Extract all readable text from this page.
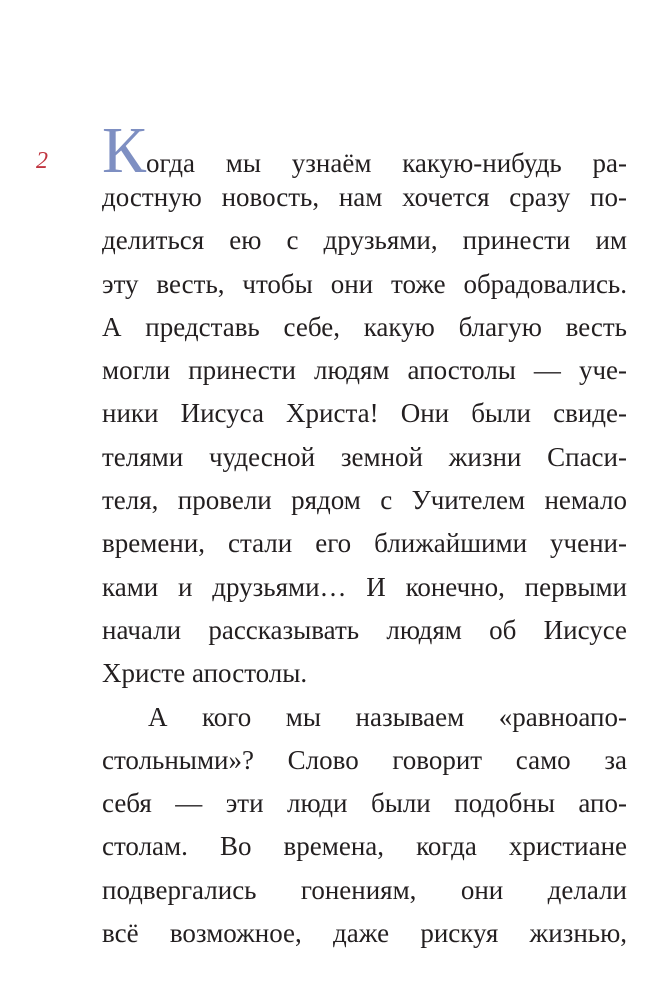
2 Когда мы узнаём какую-нибудь ра-
достную новость, нам хочется сразу по-
делиться ею с друзьями, принести им
эту весть, чтобы они тоже обрадовались.
А представь себе, какую благую весть
могли принести людям апостолы — уче-
ники Иисуса Христа! Они были свиде-
телями чудесной земной жизни Спаси-
теля, провели рядом с Учителем немало
времени, стали его ближайшими учени-
ками и друзьями… И конечно, первыми
начали рассказывать людям об Иисусе
Христе апостолы.
А кого мы называем «равноапо-
стольными»? Слово говорит само за
себя — эти люди были подобны апо-
столам. Во времена, когда христиане
подвергались гонениям, они делали
всё возможное, даже рискуя жизнью,
